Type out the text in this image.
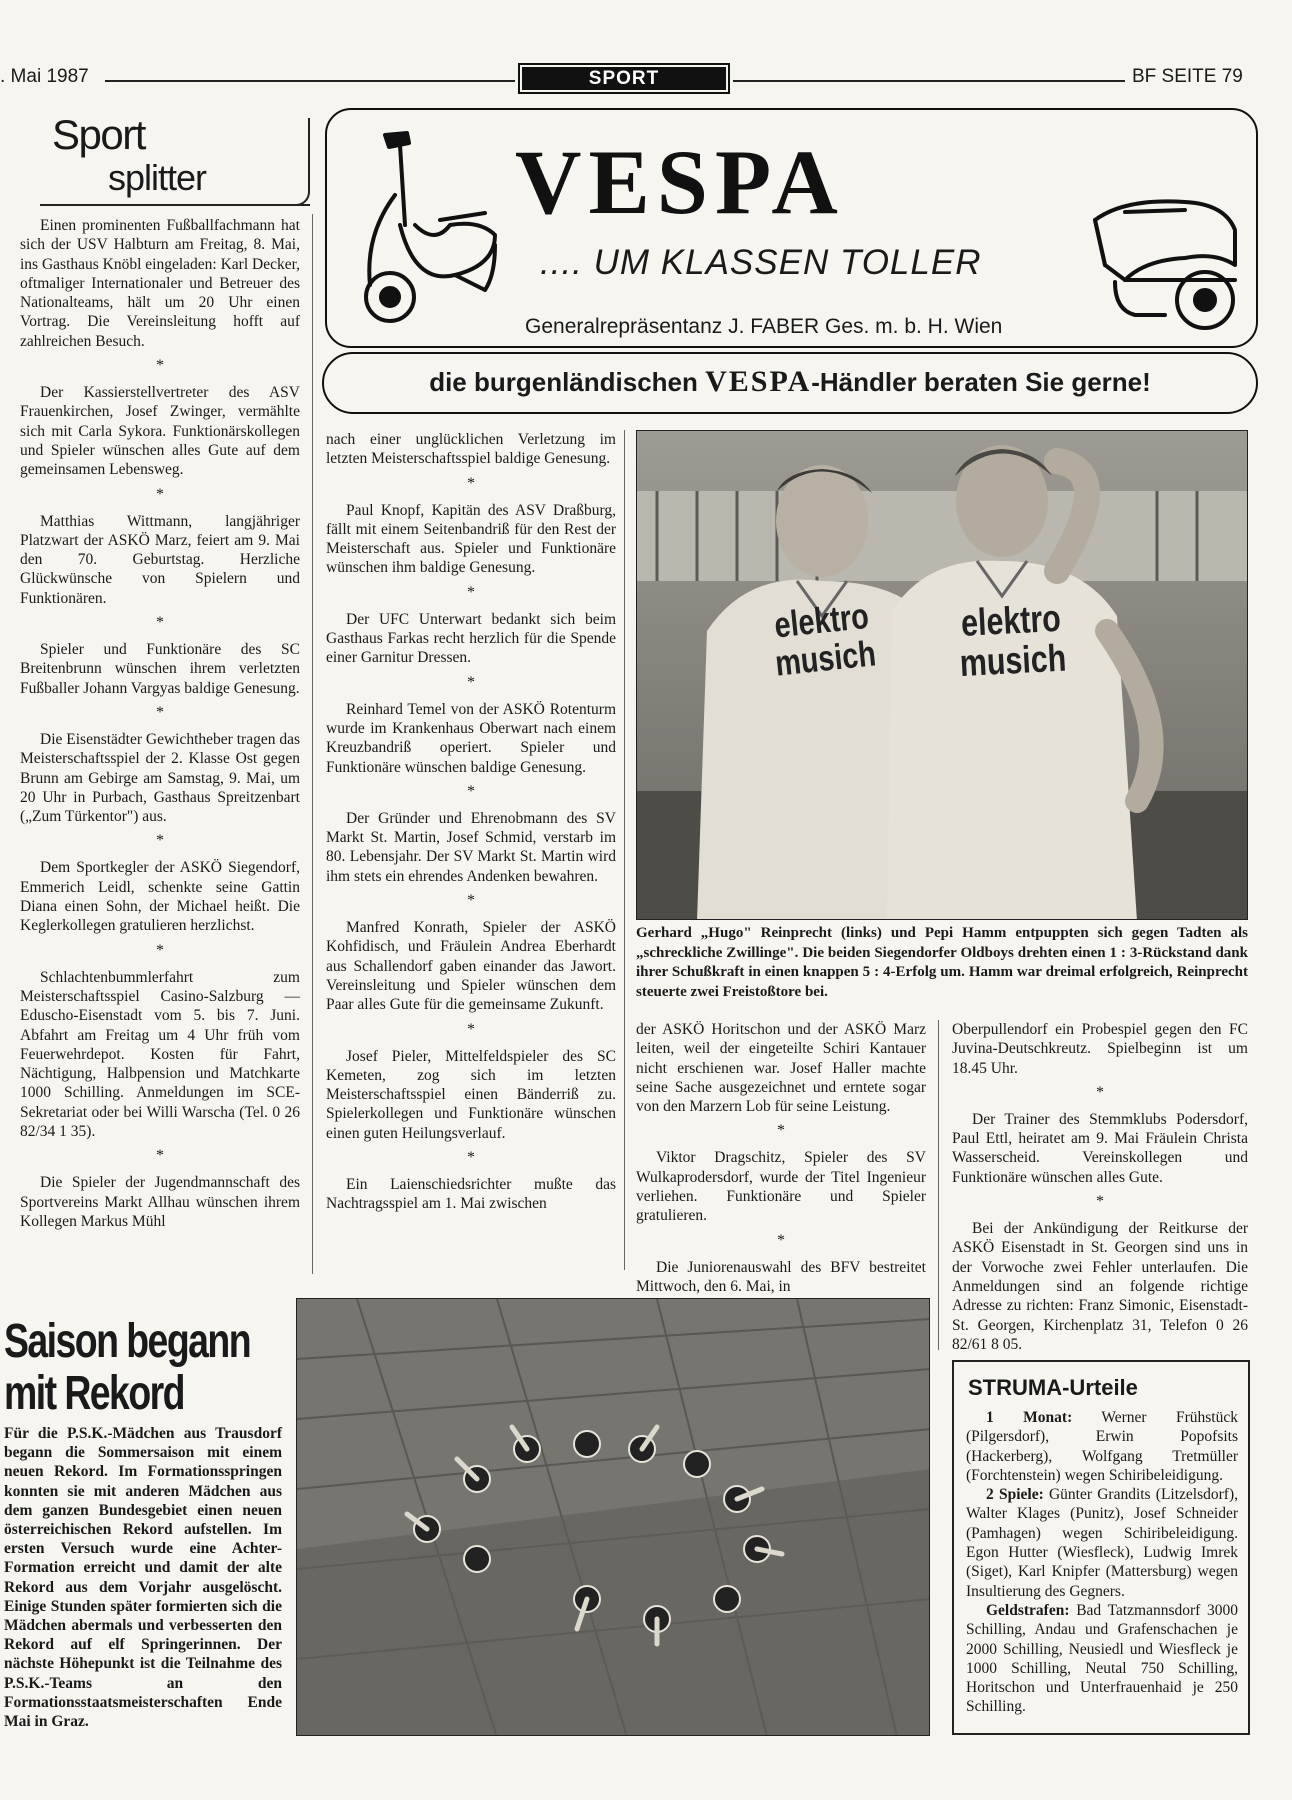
. Mai 1987	SPORT	BF SEITE 79
Sport
splitter	VESPA
.... UM KLASSEN TOLLER
Generalrepräsentanz J. FABER Ges. m. b. H. Wien
die burgenländischen VESPA-Händler beraten Sie gerne!

Einen prominenten Fußballfachmann hat sich der USV Halbturn am Freitag, 8. Mai, ins Gasthaus Knöbl eingeladen: Karl Decker, oftmaliger Internationaler und Betreuer des Nationalteams, hält um 20 Uhr einen Vortrag. Die Vereinsleitung hofft auf zahlreichen Besuch.

*

Der Kassierstellvertreter des ASV Frauenkirchen, Josef Zwinger, vermählte sich mit Carla Sykora. Funktionärskollegen und Spieler wünschen alles Gute auf dem gemeinsamen Lebensweg.

*

Matthias Wittmann, langjähriger Platzwart der ASKÖ Marz, feiert am 9. Mai den 70. Geburtstag. Herzliche Glückwünsche von Spielern und Funktionären.

*

Spieler und Funktionäre des SC Breitenbrunn wünschen ihrem verletzten Fußballer Johann Vargyas baldige Genesung.

*

Die Eisenstädter Gewichtheber tragen das Meisterschaftsspiel der 2. Klasse Ost gegen Brunn am Gebirge am Samstag, 9. Mai, um 20 Uhr in Purbach, Gasthaus Spreitzenbart („Zum Türkentor") aus.

*

Dem Sportkegler der ASKÖ Siegendorf, Emmerich Leidl, schenkte seine Gattin Diana einen Sohn, der Michael heißt. Die Keglerkollegen gratulieren herzlichst.

*

Schlachtenbummlerfahrt zum Meisterschaftsspiel Casino-Salzburg — Eduscho-Eisenstadt vom 5. bis 7. Juni. Abfahrt am Freitag um 4 Uhr früh vom Feuerwehrdepot. Kosten für Fahrt, Nächtigung, Halbpension und Matchkarte 1000 Schilling. Anmeldungen im SCE-Sekretariat oder bei Willi Warscha (Tel. 0 26 82/34 1 35).

*

Die Spieler der Jugendmannschaft des Sportvereins Markt Allhau wünschen ihrem Kollegen Markus Mühl

nach einer unglücklichen Verletzung im letzten Meisterschaftsspiel baldige Genesung.

*

Paul Knopf, Kapitän des ASV Draßburg, fällt mit einem Seitenbandriß für den Rest der Meisterschaft aus. Spieler und Funktionäre wünschen ihm baldige Genesung.

*

Der UFC Unterwart bedankt sich beim Gasthaus Farkas recht herzlich für die Spende einer Garnitur Dressen.

*

Reinhard Temel von der ASKÖ Rotenturm wurde im Krankenhaus Oberwart nach einem Kreuzbandriß operiert. Spieler und Funktionäre wünschen baldige Genesung.

*

Der Gründer und Ehrenobmann des SV Markt St. Martin, Josef Schmid, verstarb im 80. Lebensjahr. Der SV Markt St. Martin wird ihm stets ein ehrendes Andenken bewahren.

*

Manfred Konrath, Spieler der ASKÖ Kohfidisch, und Fräulein Andrea Eberhardt aus Schallendorf gaben einander das Jawort. Vereinsleitung und Spieler wünschen dem Paar alles Gute für die gemeinsame Zukunft.

*

Josef Pieler, Mittelfeldspieler des SC Kemeten, zog sich im letzten Meisterschaftsspiel einen Bänderriß zu. Spielerkollegen und Funktionäre wünschen einen guten Heilungsverlauf.

*

Ein Laienschiedsrichter mußte das Nachtragsspiel am 1. Mai zwischen

elektro
musich
elektro
musich
Gerhard „Hugo" Reinprecht (links) und Pepi Hamm entpuppten sich gegen Tadten als „schreckliche Zwillinge". Die beiden Siegendorfer Oldboys drehten einen 1 : 3-Rückstand dank ihrer Schußkraft in einen knappen 5 : 4-Erfolg um. Hamm war dreimal erfolgreich, Reinprecht steuerte zwei Freistoßtore bei.

der ASKÖ Horitschon und der ASKÖ Marz leiten, weil der eingeteilte Schiri Kantauer nicht erschienen war. Josef Haller machte seine Sache ausgezeichnet und erntete sogar von den Marzern Lob für seine Leistung.

*

Viktor Dragschitz, Spieler des SV Wulkaprodersdorf, wurde der Titel Ingenieur verliehen. Funktionäre und Spieler gratulieren.

*

Die Juniorenauswahl des BFV bestreitet Mittwoch, den 6. Mai, in

Oberpullendorf ein Probespiel gegen den FC Juvina-Deutschkreutz. Spielbeginn ist um 18.45 Uhr.

*

Der Trainer des Stemmklubs Podersdorf, Paul Ettl, heiratet am 9. Mai Fräulein Christa Wasserscheid. Vereinskollegen und Funktionäre wünschen alles Gute.

*

Bei der Ankündigung der Reitkurse der ASKÖ Eisenstadt in St. Georgen sind uns in der Vorwoche zwei Fehler unterlaufen. Die Anmeldungen sind an folgende richtige Adresse zu richten: Franz Simonic, Eisenstadt-St. Georgen, Kirchenplatz 31, Telefon 0 26 82/61 8 05.

Saison begann
mit Rekord
Für die P.S.K.-Mädchen aus Trausdorf begann die Sommersaison mit einem neuen Rekord. Im Formationsspringen konnten sie mit anderen Mädchen aus dem ganzen Bundesgebiet einen neuen österreichischen Rekord aufstellen. Im ersten Versuch wurde eine Achter-Formation erreicht und damit der alte Rekord aus dem Vorjahr ausgelöscht. Einige Stunden später formierten sich die Mädchen abermals und verbesserten den Rekord auf elf Springerinnen. Der nächste Höhepunkt ist die Teilnahme des P.S.K.-Teams an den Formationsstaatsmeisterschaften Ende Mai in Graz.
STRUMA-Urteile

1 Monat: Werner Frühstück (Pilgersdorf), Erwin Popofsits (Hackerberg), Wolfgang Tretmüller (Forchtenstein) wegen Schiribeleidigung.

2 Spiele: Günter Grandits (Litzelsdorf), Walter Klages (Punitz), Josef Schneider (Pamhagen) wegen Schiribeleidigung. Egon Hutter (Wiesfleck), Ludwig Imrek (Siget), Karl Knipfer (Mattersburg) wegen Insultierung des Gegners.

Geldstrafen: Bad Tatzmannsdorf 3000 Schilling, Andau und Grafenschachen je 2000 Schilling, Neusiedl und Wiesfleck je 1000 Schilling, Neutal 750 Schilling, Horitschon und Unterfrauenhaid je 250 Schilling.
